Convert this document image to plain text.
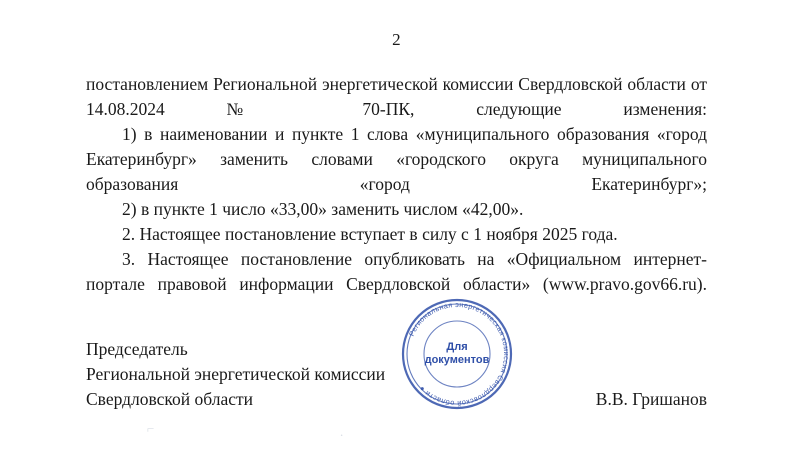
2

постановлением Региональной энергетической комиссии Свердловской области от 14.08.2024 № 70-ПК, следующие изменения:

1) в наименовании и пункте 1 слова «муниципального образования «город Екатеринбург» заменить словами «городского округа муниципального образования «город Екатеринбург»;

2) в пункте 1 число «33,00» заменить числом «42,00».

2. Настоящее постановление вступает в силу с 1 ноября 2025 года.

3. Настоящее постановление опубликовать на «Официальном интернет-портале правовой информации Свердловской области» (www.pravo.gov66.ru).

Председатель
Региональной энергетической комиссии
Свердловской области	В.В. Гришанов
Региональная энергетическая комиссия Свердловской области ●
Для
документов
⌐	.
